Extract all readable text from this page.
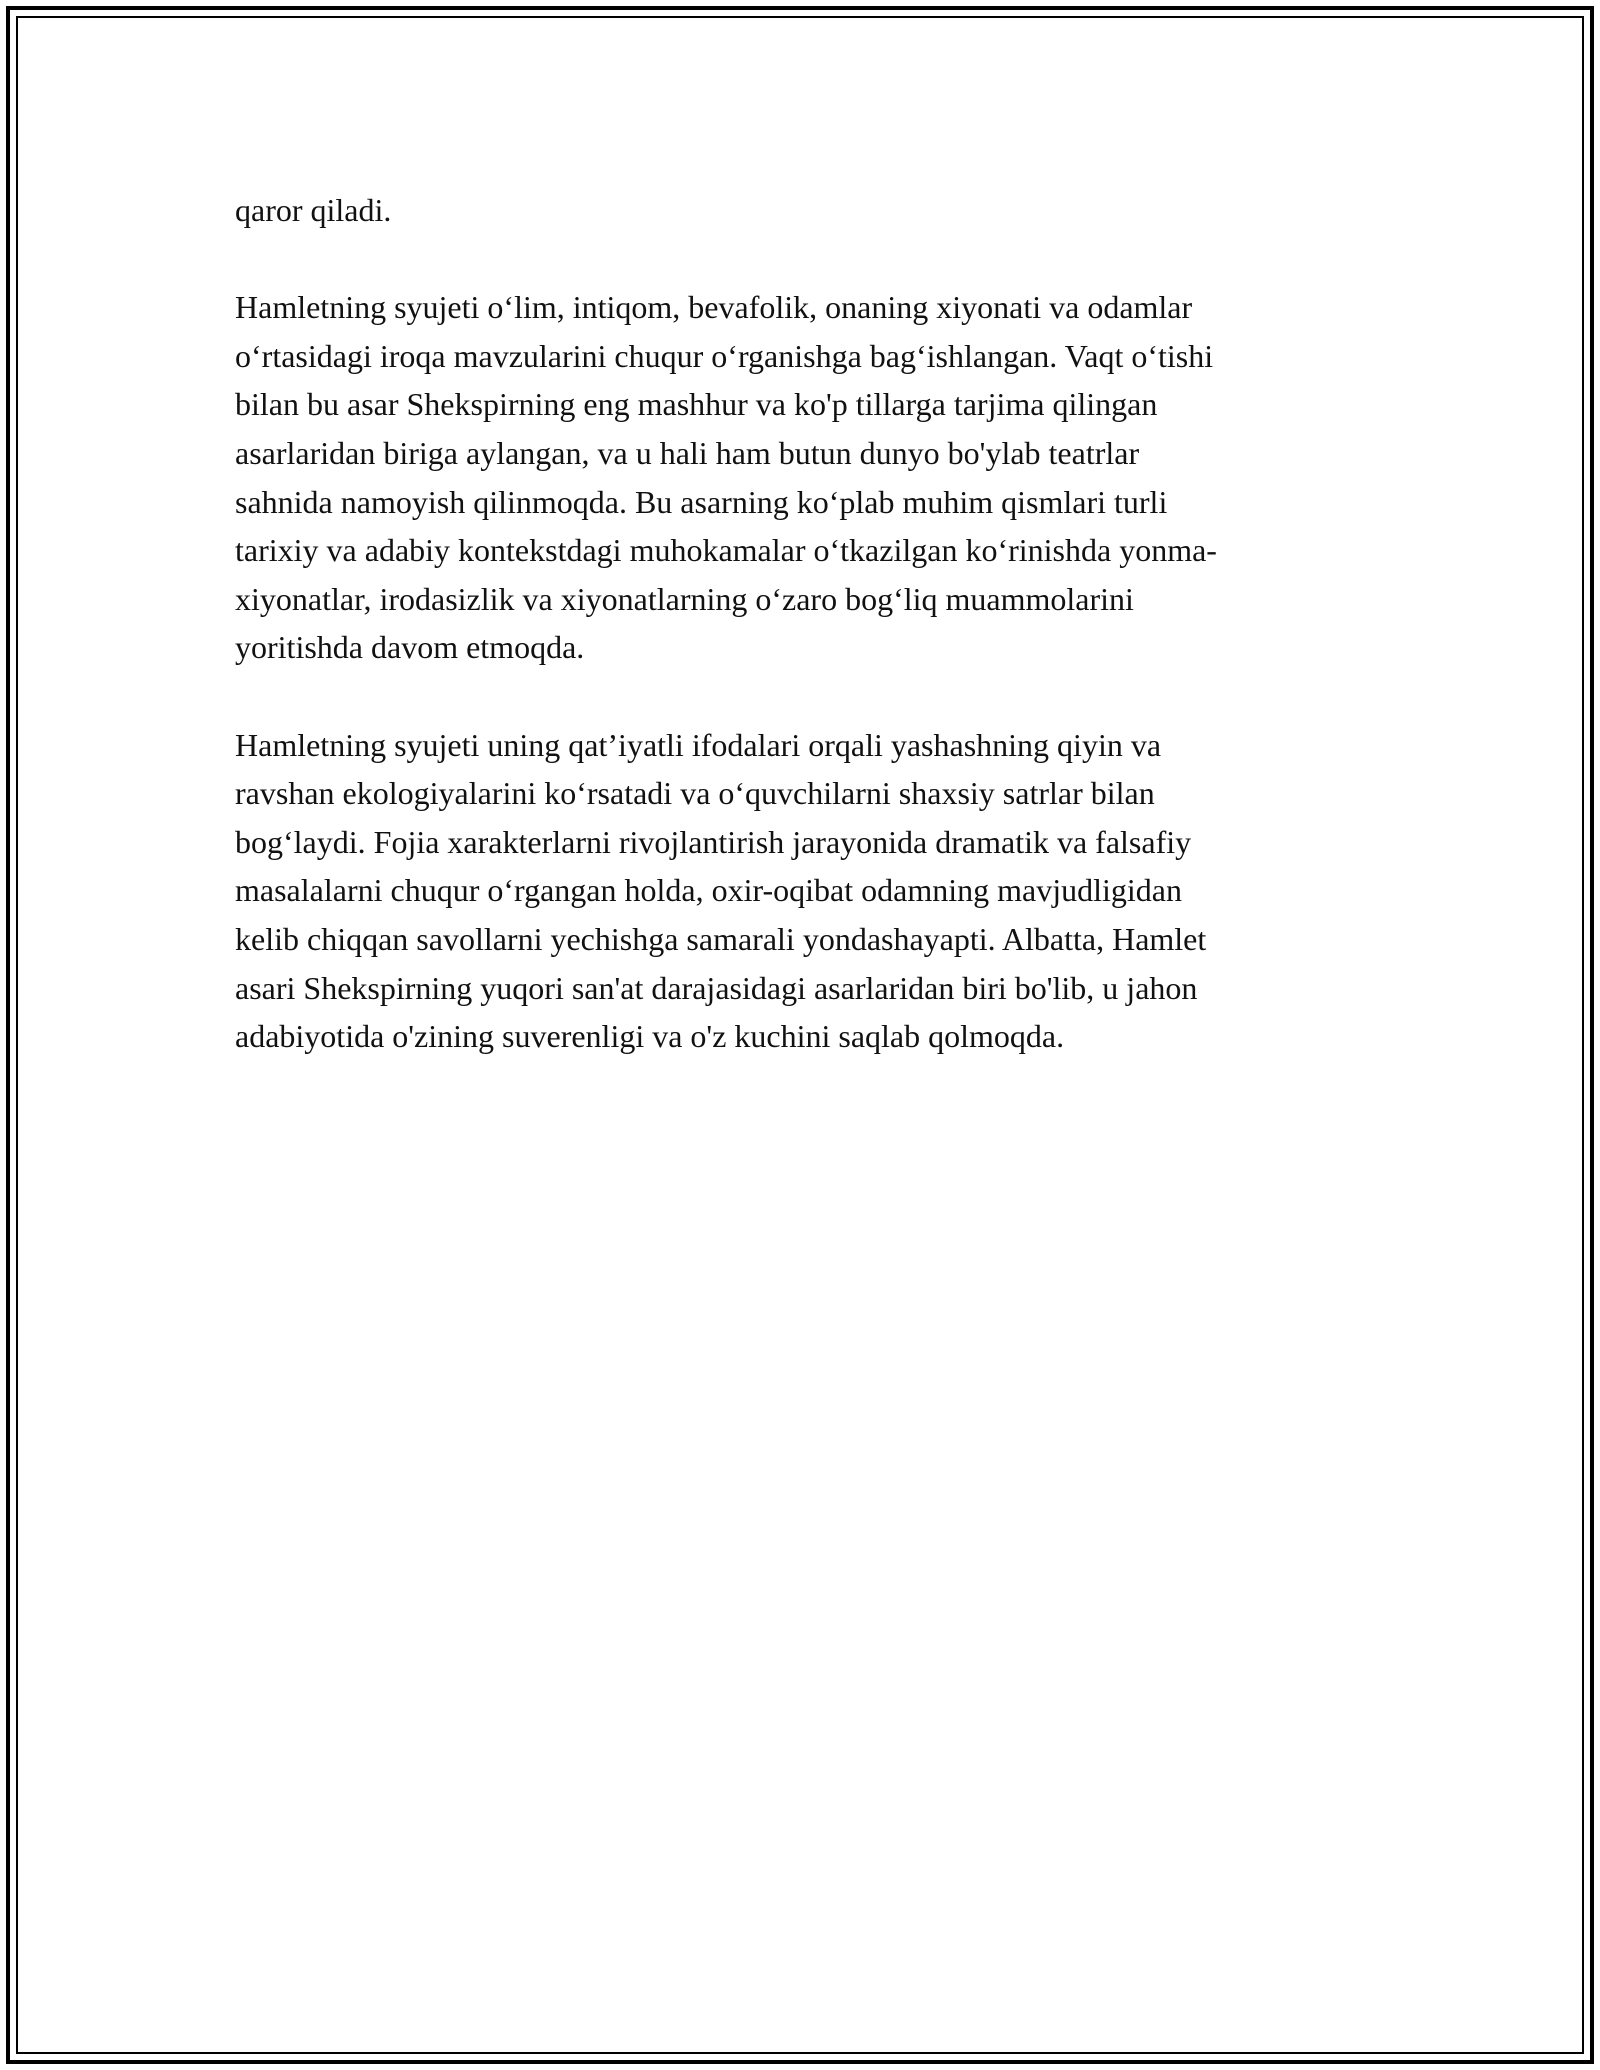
qaror qiladi.

Hamletning syujeti o‘lim, intiqom, bevafolik, onaning xiyonati va odamlar

o‘rtasidagi iroqa mavzularini chuqur o‘rganishga bag‘ishlangan. Vaqt o‘tishi

bilan bu asar Shekspirning eng mashhur va ko'p tillarga tarjima qilingan

asarlaridan biriga aylangan, va u hali ham butun dunyo bo'ylab teatrlar

sahnida namoyish qilinmoqda. Bu asarning ko‘plab muhim qismlari turli

tarixiy va adabiy kontekstdagi muhokamalar o‘tkazilgan ko‘rinishda yonma-

xiyonatlar, irodasizlik va xiyonatlarning o‘zaro bog‘liq muammolarini

yoritishda davom etmoqda.

Hamletning syujeti uning qat’iyatli ifodalari orqali yashashning qiyin va

ravshan ekologiyalarini ko‘rsatadi va o‘quvchilarni shaxsiy satrlar bilan

bog‘laydi. Fojia xarakterlarni rivojlantirish jarayonida dramatik va falsafiy

masalalarni chuqur o‘rgangan holda, oxir-oqibat odamning mavjudligidan

kelib chiqqan savollarni yechishga samarali yondashayapti. Albatta, Hamlet

asari Shekspirning yuqori san'at darajasidagi asarlaridan biri bo'lib, u jahon

adabiyotida o'zining suverenligi va o'z kuchini saqlab qolmoqda.
